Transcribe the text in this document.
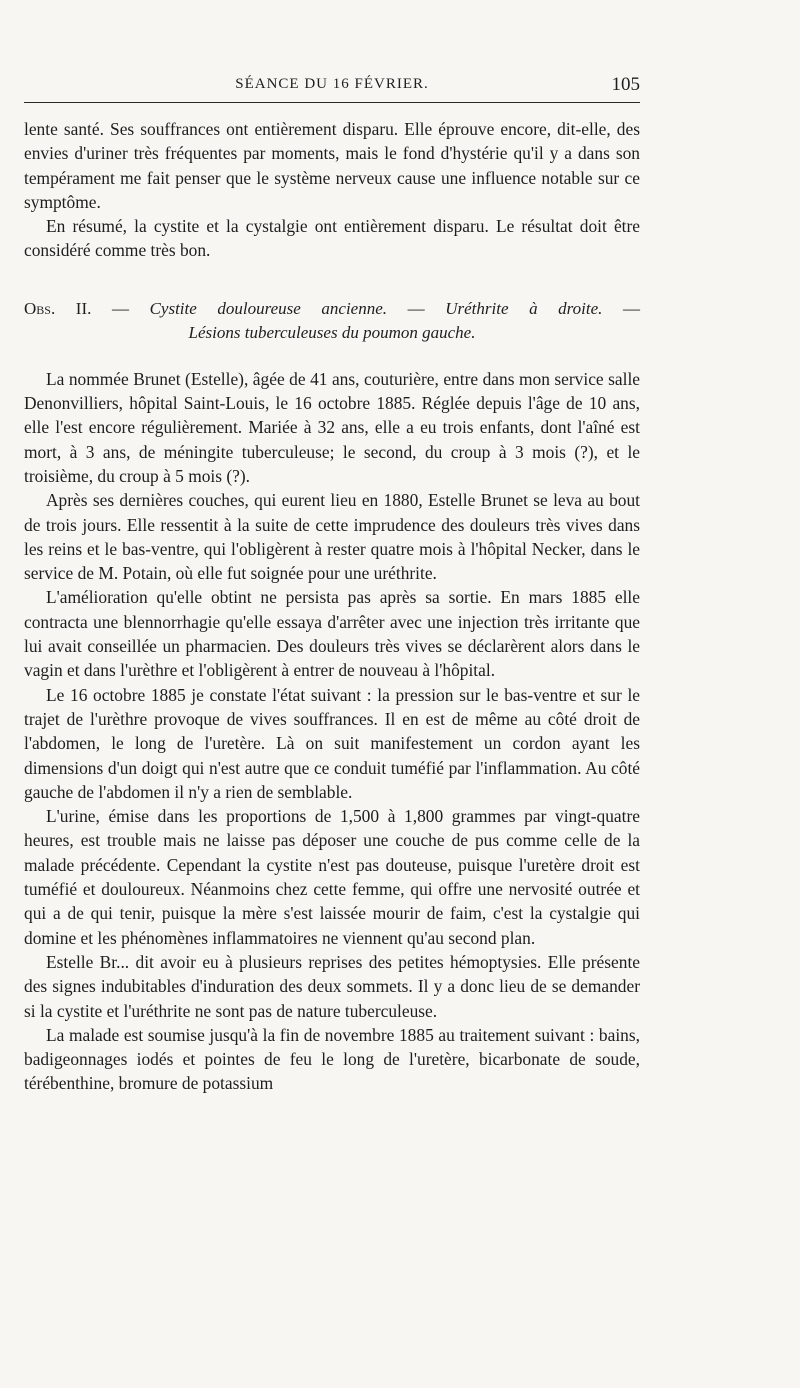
SÉANCE DU 16 FÉVRIER.	105

lente santé. Ses souffrances ont entièrement disparu. Elle éprouve encore, dit-elle, des envies d'uriner très fréquentes par moments, mais le fond d'hystérie qu'il y a dans son tempérament me fait penser que le système nerveux cause une influence notable sur ce symptôme.

En résumé, la cystite et la cystalgie ont entièrement disparu. Le résultat doit être considéré comme très bon.

Obs. II. — Cystite douloureuse ancienne. — Uréthrite à droite. —
Lésions tuberculeuses du poumon gauche.

La nommée Brunet (Estelle), âgée de 41 ans, couturière, entre dans mon service salle Denonvilliers, hôpital Saint-Louis, le 16 octobre 1885. Réglée depuis l'âge de 10 ans, elle l'est encore régulièrement. Mariée à 32 ans, elle a eu trois enfants, dont l'aîné est mort, à 3 ans, de méningite tuberculeuse; le second, du croup à 3 mois (?), et le troisième, du croup à 5 mois (?).

Après ses dernières couches, qui eurent lieu en 1880, Estelle Brunet se leva au bout de trois jours. Elle ressentit à la suite de cette imprudence des douleurs très vives dans les reins et le bas-ventre, qui l'obligèrent à rester quatre mois à l'hôpital Necker, dans le service de M. Potain, où elle fut soignée pour une uréthrite.

L'amélioration qu'elle obtint ne persista pas après sa sortie. En mars 1885 elle contracta une blennorrhagie qu'elle essaya d'arrêter avec une injection très irritante que lui avait conseillée un pharmacien. Des douleurs très vives se déclarèrent alors dans le vagin et dans l'urèthre et l'obligèrent à entrer de nouveau à l'hôpital.

Le 16 octobre 1885 je constate l'état suivant : la pression sur le bas-ventre et sur le trajet de l'urèthre provoque de vives souffrances. Il en est de même au côté droit de l'abdomen, le long de l'uretère. Là on suit manifestement un cordon ayant les dimensions d'un doigt qui n'est autre que ce conduit tuméfié par l'inflammation. Au côté gauche de l'abdomen il n'y a rien de semblable.

L'urine, émise dans les proportions de 1,500 à 1,800 grammes par vingt-quatre heures, est trouble mais ne laisse pas déposer une couche de pus comme celle de la malade précédente. Cependant la cystite n'est pas douteuse, puisque l'uretère droit est tuméfié et douloureux. Néanmoins chez cette femme, qui offre une nervosité outrée et qui a de qui tenir, puisque la mère s'est laissée mourir de faim, c'est la cystalgie qui domine et les phénomènes inflammatoires ne viennent qu'au second plan.

Estelle Br... dit avoir eu à plusieurs reprises des petites hémoptysies. Elle présente des signes indubitables d'induration des deux sommets. Il y a donc lieu de se demander si la cystite et l'uréthrite ne sont pas de nature tuberculeuse.

La malade est soumise jusqu'à la fin de novembre 1885 au traitement suivant : bains, badigeonnages iodés et pointes de feu le long de l'uretère, bicarbonate de soude, térébenthine, bromure de potassium
